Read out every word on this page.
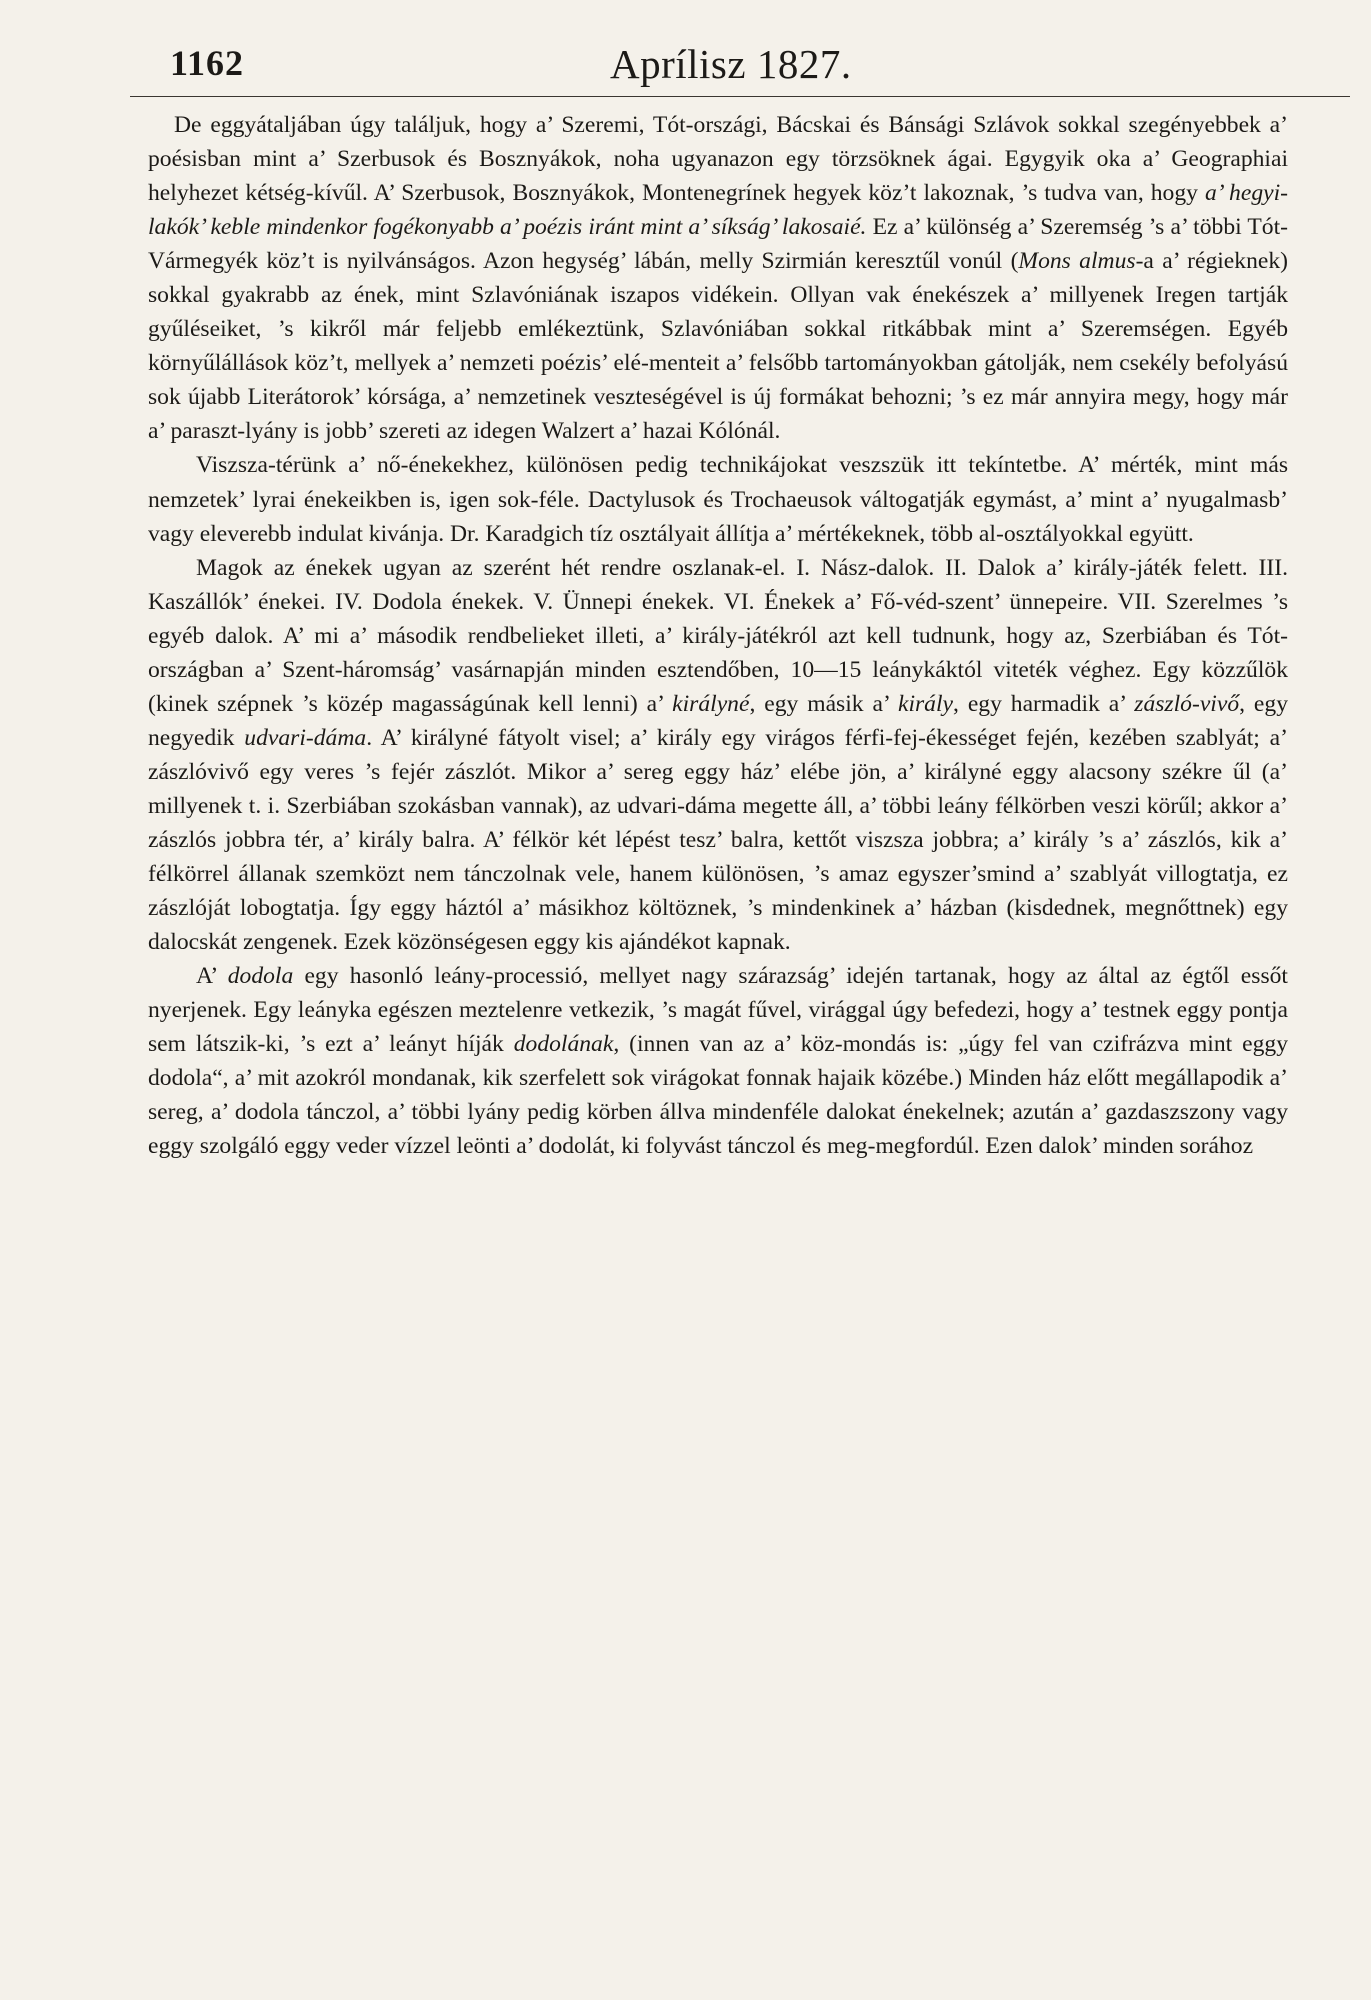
1162	Aprílisz 1827.

De eggyátaljában úgy találjuk, hogy a’ Szeremi, Tót-országi, Bácskai és Bánsági Szlávok sokkal szegényebbek a’ poésisban mint a’ Szerbusok és Bosznyákok, noha ugyanazon egy törzsöknek ágai. Egygyik oka a’ Geographiai helyhezet kétség-kívűl. A’ Szerbusok, Bosznyákok, Montenegrínek hegyek köz’t lakoznak, ’s tudva van, hogy a’ hegyi-lakók’ keble mindenkor fogékonyabb a’ poézis iránt mint a’ síkság’ lakosaié. Ez a’ különség a’ Szeremség ’s a’ többi Tót-Vármegyék köz’t is nyilvánságos. Azon hegység’ lábán, melly Szirmián keresztűl vonúl (Mons almus-a a’ régieknek) sokkal gyakrabb az ének, mint Szlavóniának iszapos vidékein. Ollyan vak énekészek a’ millyenek Iregen tartják gyűléseiket, ’s kikről már feljebb emlékeztünk, Szlavóniában sokkal ritkábbak mint a’ Szeremségen. Egyéb környűlállások köz’t, mellyek a’ nemzeti poézis’ elé-menteit a’ felsőbb tartományokban gátolják, nem csekély befolyású sok újabb Literátorok’ kórsága, a’ nemzetinek veszteségével is új formákat behozni; ’s ez már annyira megy, hogy már a’ paraszt-lyány is jobb’ szereti az idegen Walzert a’ hazai Kólónál.

Viszsza-térünk a’ nő-énekekhez, különösen pedig technikájokat veszszük itt tekíntetbe. A’ mérték, mint más nemzetek’ lyrai énekeikben is, igen sok-féle. Dactylusok és Trochaeusok váltogatják egymást, a’ mint a’ nyugalmasb’ vagy eleverebb indulat kivánja. Dr. Karadgich tíz osztályait állítja a’ mértékeknek, több al-osztályokkal együtt.

Magok az énekek ugyan az szerént hét rendre oszlanak-el. I. Nász-dalok. II. Dalok a’ király-játék felett. III. Kaszállók’ énekei. IV. Dodola énekek. V. Ünnepi énekek. VI. Énekek a’ Fő-véd-szent’ ünnepeire. VII. Szerelmes ’s egyéb dalok. A’ mi a’ második rendbelieket illeti, a’ király-játékról azt kell tudnunk, hogy az, Szerbiában és Tót-országban a’ Szent-háromság’ vasárnapján minden esztendőben, 10—15 leánykáktól viteték véghez. Egy közzűlök (kinek szépnek ’s közép magasságúnak kell lenni) a’ királyné, egy másik a’ király, egy harmadik a’ zászló-vivő, egy negyedik udvari-dáma. A’ királyné fátyolt visel; a’ király egy virágos férfi-fej-ékességet fején, kezében szablyát; a’ zászlóvivő egy veres ’s fejér zászlót. Mikor a’ sereg eggy ház’ elébe jön, a’ királyné eggy alacsony székre űl (a’ millyenek t. i. Szerbiában szokásban vannak), az udvari-dáma megette áll, a’ többi leány félkörben veszi körűl; akkor a’ zászlós jobbra tér, a’ király balra. A’ félkör két lépést tesz’ balra, kettőt viszsza jobbra; a’ király ’s a’ zászlós, kik a’ félkörrel állanak szemközt nem tánczolnak vele, hanem különösen, ’s amaz egyszer’smind a’ szablyát villogtatja, ez zászlóját lobogtatja. Így eggy háztól a’ másikhoz költöznek, ’s mindenkinek a’ házban (kisdednek, megnőttnek) egy dalocskát zengenek. Ezek közönségesen eggy kis ajándékot kapnak.

A’ dodola egy hasonló leány-processió, mellyet nagy szárazság’ idején tartanak, hogy az által az égtől essőt nyerjenek. Egy leányka egészen meztelenre vetkezik, ’s magát fűvel, virággal úgy befedezi, hogy a’ testnek eggy pontja sem látszik-ki, ’s ezt a’ leányt híják dodolának, (innen van az a’ köz-mondás is: „úgy fel van czifrázva mint eggy dodola“, a’ mit azokról mondanak, kik szerfelett sok virágokat fonnak hajaik közébe.) Minden ház előtt megállapodik a’ sereg, a’ dodola tánczol, a’ többi lyány pedig körben állva mindenféle dalokat énekelnek; azután a’ gazdaszszony vagy eggy szolgáló eggy veder vízzel leönti a’ dodolát, ki folyvást tánczol és meg-megfordúl. Ezen dalok’ minden sorához
